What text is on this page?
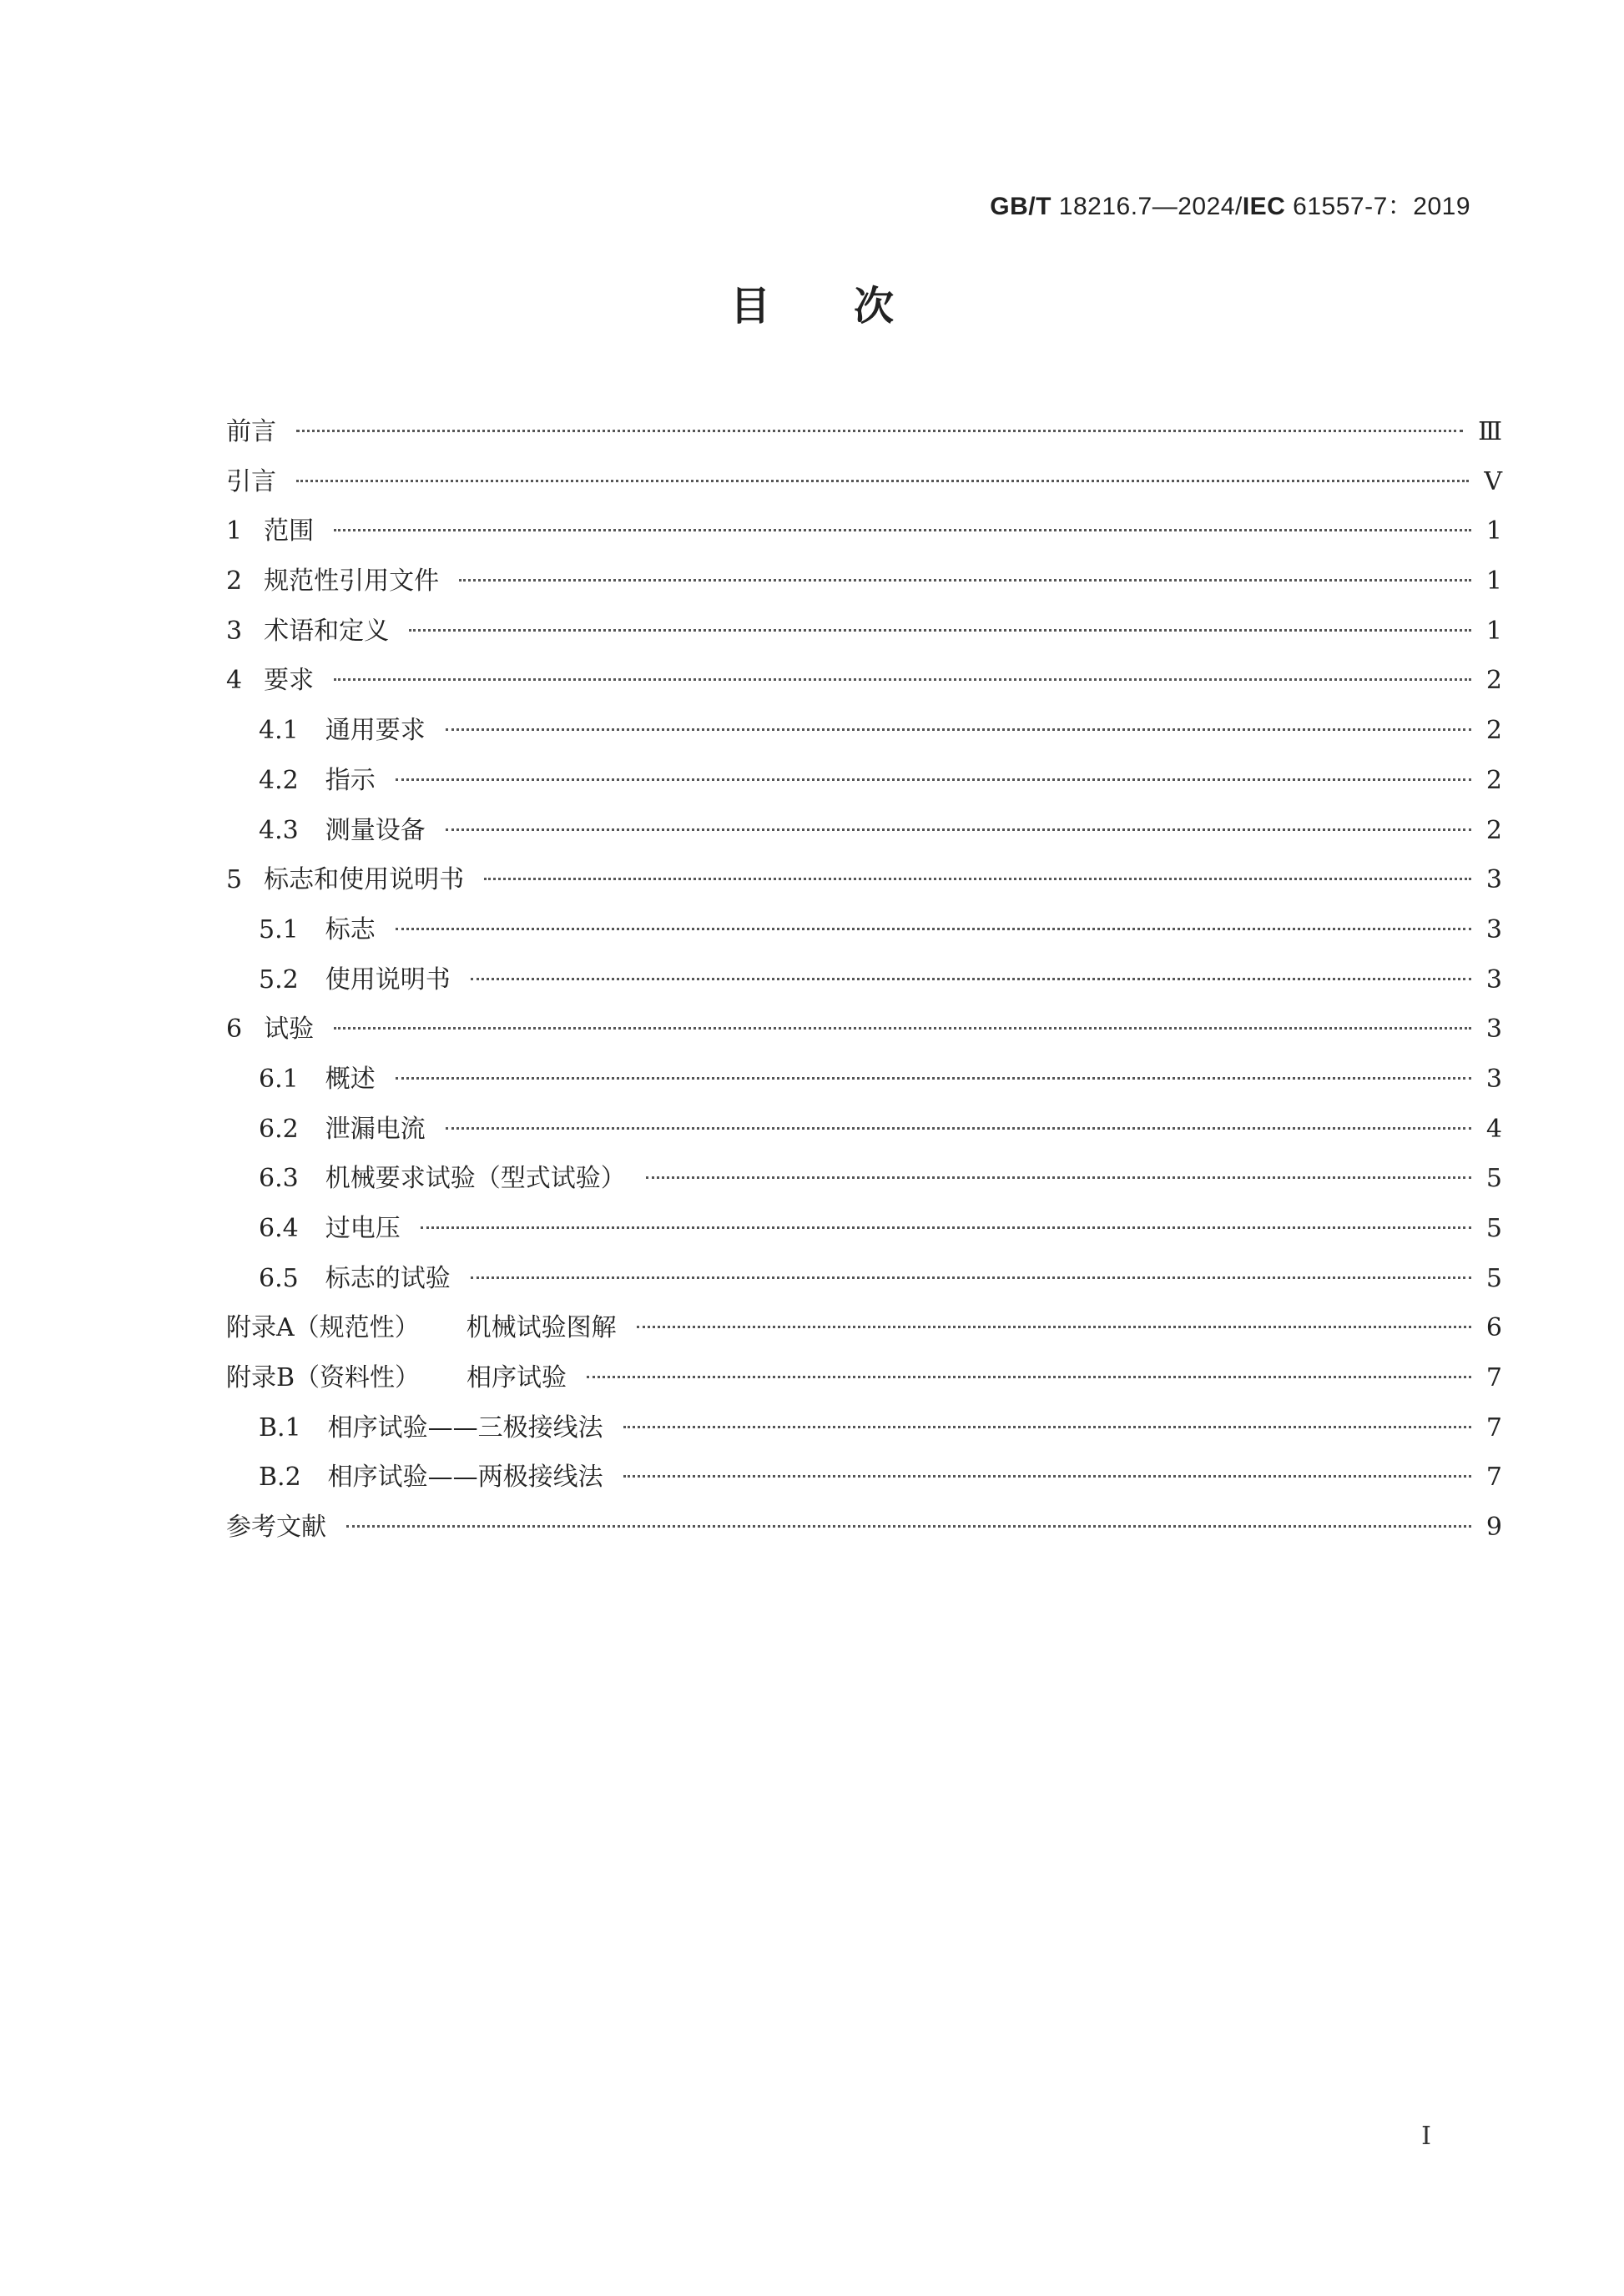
GB/T 18216.7—2024/IEC 61557-7：2019
目次
前言	Ⅲ
引言	Ⅴ
1 范围	1
2 规范性引用文件	1
3 术语和定义	1
4 要求	2
4.1 通用要求	2
4.2 指示	2
4.3 测量设备	2
5 标志和使用说明书	3
5.1 标志	3
5.2 使用说明书	3
6 试验	3
6.1 概述	3
6.2 泄漏电流	4
6.3 机械要求试验（型式试验）	5
6.4 过电压	5
6.5 标志的试验	5
附录A（规范性） 机械试验图解	6
附录B（资料性） 相序试验	7
B.1 相序试验——三极接线法	7
B.2 相序试验——两极接线法	7
参考文献	9
I
